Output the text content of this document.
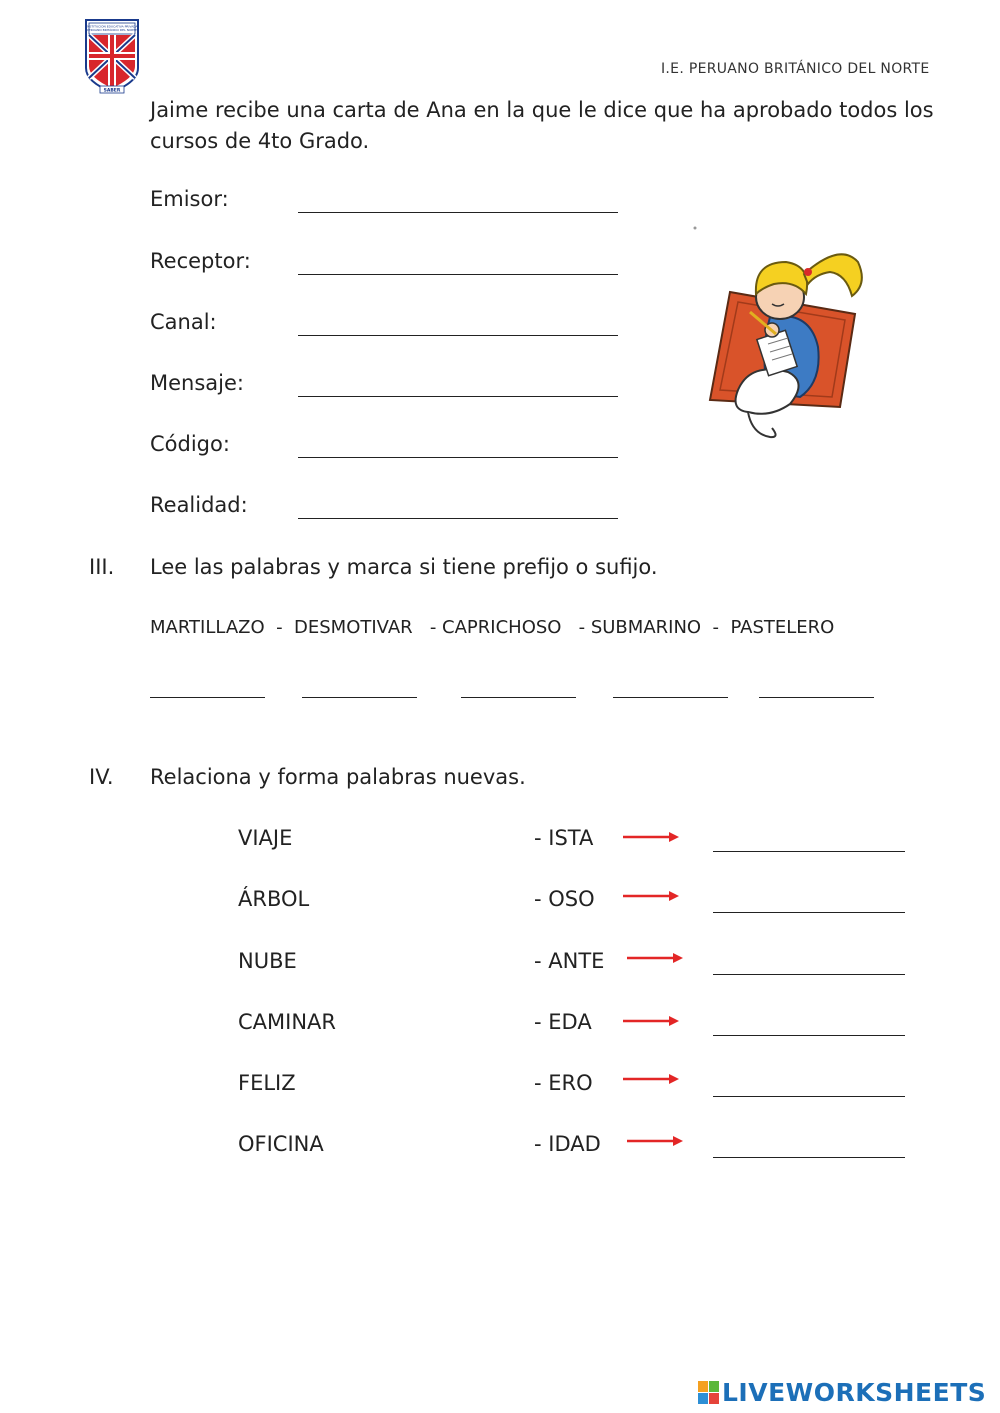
INSTITUCIÓN EDUCATIVA PRIVADA
PERUANO BRITÁNICO DEL NORTE
SABER
I.E. PERUANO BRITÁNICO DEL NORTE
Jaime recibe una carta de Ana en la que le dice que ha aprobado todos los cursos de 4to Grado.
Emisor:
Receptor:
Canal:
Mensaje:
Código:
Realidad:
III. Lee las palabras y marca si tiene prefijo o sufijo.
MARTILLAZO  -  DESMOTIVAR   - CAPRICHOSO   - SUBMARINO  -  PASTELERO
IV. Relaciona y forma palabras nuevas.
VIAJE	- ISTA
ÁRBOL	- OSO
NUBE	- ANTE
CAMINAR	- EDA
FELIZ	- ERO
OFICINA	- IDAD
LIVEWORKSHEETS
